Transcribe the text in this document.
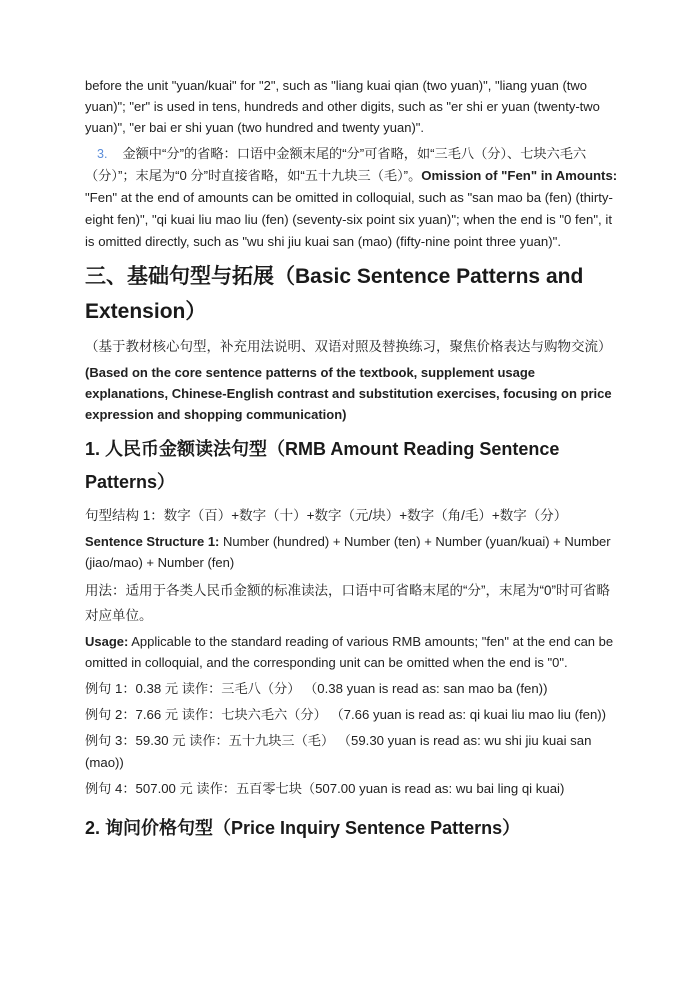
before the unit "yuan/kuai" for "2", such as "liang kuai qian (two yuan)", "liang yuan (two yuan)"; "er" is used in tens, hundreds and other digits, such as "er shi er yuan (twenty-two yuan)", "er bai er shi yuan (two hundred and twenty yuan)".

3. 金额中“分”的省略：口语中金额末尾的“分”可省略，如“三毛八（分）、七块六毛六（分）”；末尾为“0 分”时直接省略，如“五十九块三（毛）”。Omission of "Fen" in Amounts: "Fen" at the end of amounts can be omitted in colloquial, such as "san mao ba (fen) (thirty-eight fen)", "qi kuai liu mao liu (fen) (seventy-six point six yuan)"; when the end is "0 fen", it is omitted directly, such as "wu shi jiu kuai san (mao) (fifty-nine point three yuan)".

三、基础句型与拓展（Basic Sentence Patterns and Extension）

（基于教材核心句型，补充用法说明、双语对照及替换练习，聚焦价格表达与购物交流）

(Based on the core sentence patterns of the textbook, supplement usage explanations, Chinese-English contrast and substitution exercises, focusing on price expression and shopping communication)

1. 人民币金额读法句型（RMB Amount Reading Sentence Patterns）

句型结构 1：数字（百）+数字（十）+数字（元/块）+数字（角/毛）+数字（分）

Sentence Structure 1: Number (hundred) + Number (ten) + Number (yuan/kuai) + Number (jiao/mao) + Number (fen)

用法：适用于各类人民币金额的标准读法，口语中可省略末尾的“分”，末尾为“0”时可省略对应单位。

Usage: Applicable to the standard reading of various RMB amounts; "fen" at the end can be omitted in colloquial, and the corresponding unit can be omitted when the end is "0".

例句 1：0.38 元 读作：三毛八（分） （0.38 yuan is read as: san mao ba (fen))

例句 2：7.66 元 读作：七块六毛六（分） （7.66 yuan is read as: qi kuai liu mao liu (fen))

例句 3：59.30 元 读作：五十九块三（毛） （59.30 yuan is read as: wu shi jiu kuai san (mao))

例句 4：507.00 元 读作：五百零七块（507.00 yuan is read as: wu bai ling qi kuai)

2. 询问价格句型（Price Inquiry Sentence Patterns）
